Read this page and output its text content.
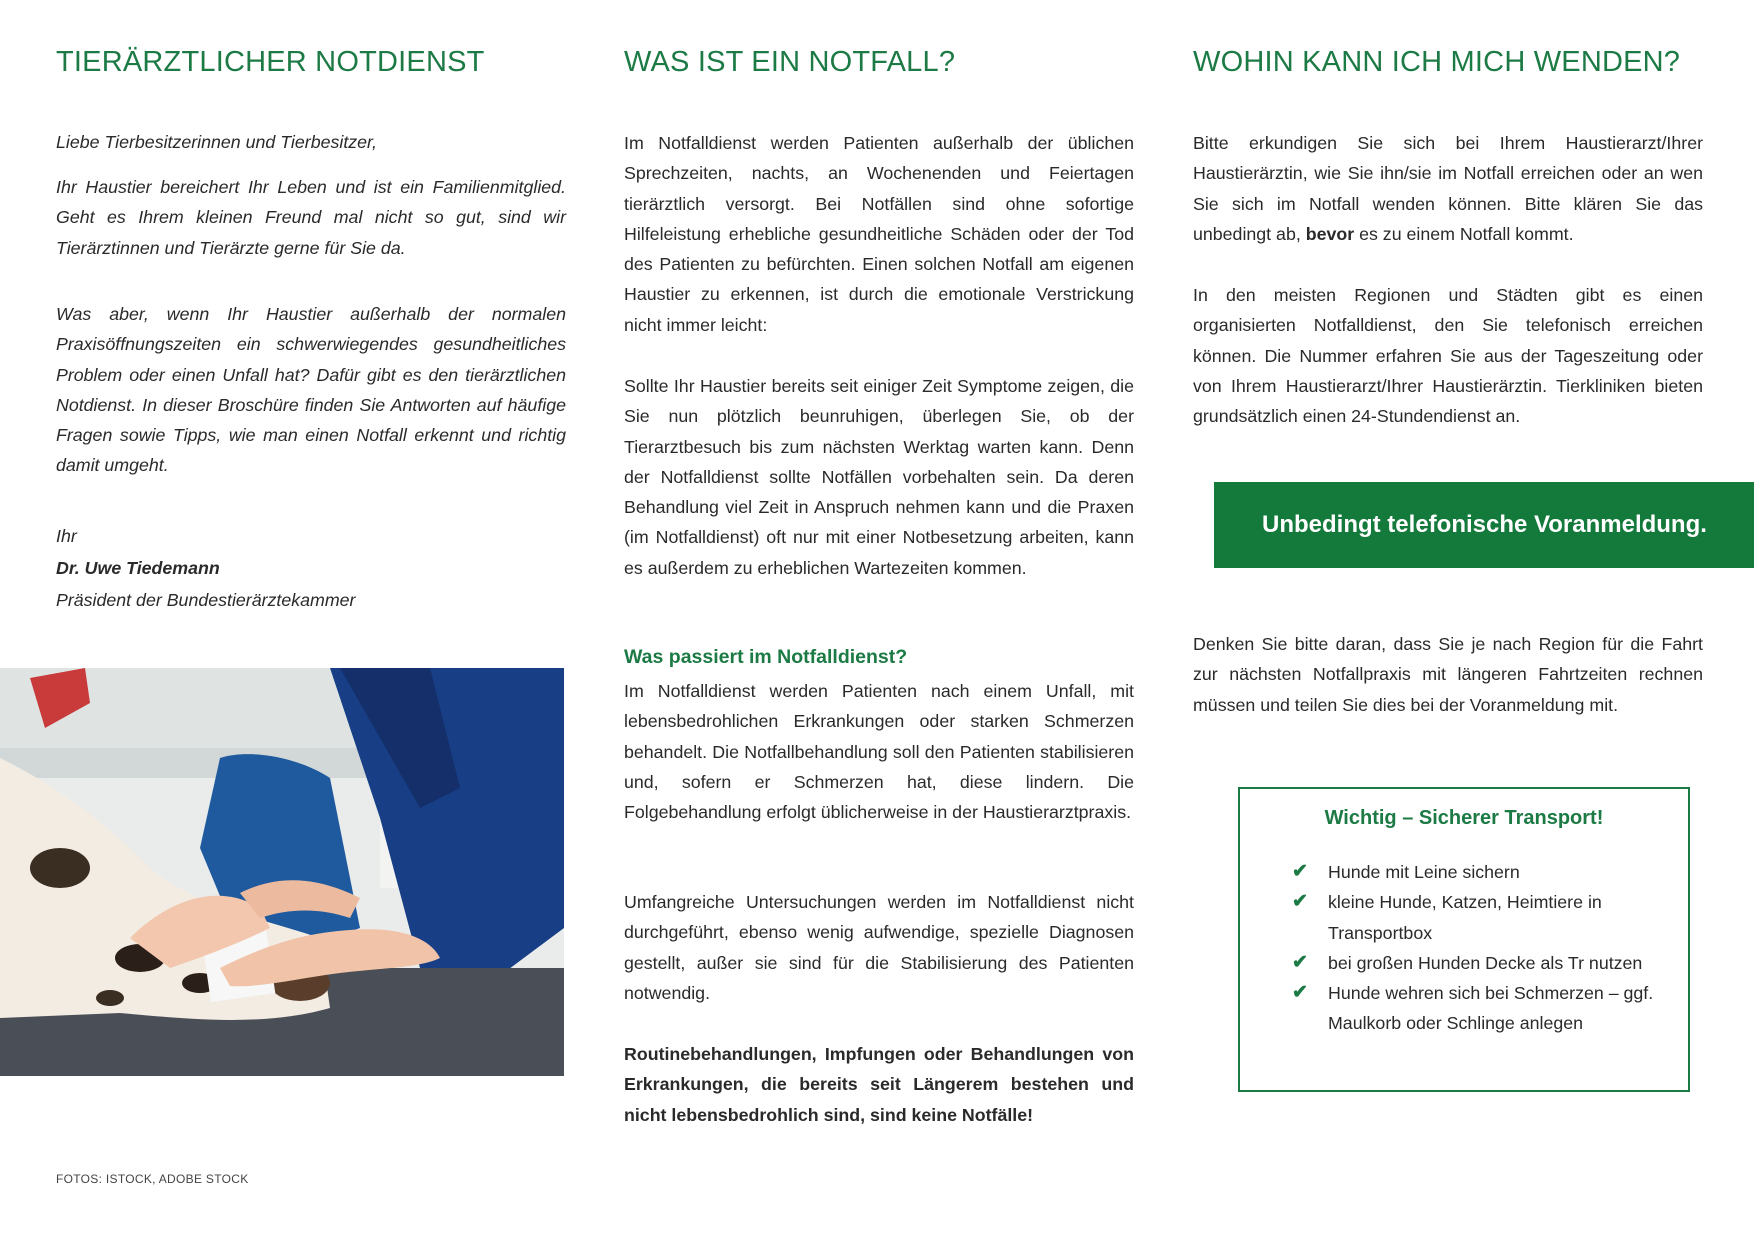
TIERÄRZTLICHER NOTDIENST

Liebe Tierbesitzerinnen und Tierbesitzer,

Ihr Haustier bereichert Ihr Leben und ist ein Familienmitglied. Geht es Ihrem kleinen Freund mal nicht so gut, sind wir Tierärztinnen und Tierärzte gerne für Sie da.

Was aber, wenn Ihr Haustier außerhalb der normalen Praxisöffnungszeiten ein schwerwiegendes gesundheitliches Problem oder einen Unfall hat? Dafür gibt es den tierärztlichen Notdienst. In dieser Broschüre finden Sie Antworten auf häufige Fragen sowie Tipps, wie man einen Notfall erkennt und richtig damit umgeht.

Ihr

Dr. Uwe Tiedemann

Präsident der Bundestierärztekammer

FOTOS: ISTOCK, ADOBE STOCK
WAS IST EIN NOTFALL?

Im Notfalldienst werden Patienten außerhalb der üblichen Sprechzeiten, nachts, an Wochenenden und Feiertagen tierärztlich versorgt. Bei Notfällen sind ohne sofortige Hilfeleistung erhebliche gesundheitliche Schäden oder der Tod des Patienten zu befürchten. Einen solchen Notfall am eigenen Haustier zu erkennen, ist durch die emotionale Verstrickung nicht immer leicht:

Sollte Ihr Haustier bereits seit einiger Zeit Symptome zeigen, die Sie nun plötzlich beunruhigen, überlegen Sie, ob der Tierarztbesuch bis zum nächsten Werktag warten kann. Denn der Notfalldienst sollte Notfällen vorbehalten sein. Da deren Behandlung viel Zeit in Anspruch nehmen kann und die Praxen (im Notfalldienst) oft nur mit einer Notbesetzung arbeiten, kann es außerdem zu erheblichen Wartezeiten kommen.

Was passiert im Notfalldienst?

Im Notfalldienst werden Patienten nach einem Unfall, mit lebensbedrohlichen Erkrankungen oder starken Schmerzen behandelt. Die Notfallbehandlung soll den Patienten stabilisieren und, sofern er Schmerzen hat, diese lindern. Die Folgebehandlung erfolgt üblicherweise in der Haustierarztpraxis.

Umfangreiche Untersuchungen werden im Notfalldienst nicht durchgeführt, ebenso wenig aufwendige, spezielle Diagnosen gestellt, außer sie sind für die Stabilisierung des Patienten notwendig.

Routinebehandlungen, Impfungen oder Behandlungen von Erkrankungen, die bereits seit Längerem bestehen und nicht lebensbedrohlich sind, sind keine Notfälle!

WOHIN KANN ICH MICH WENDEN?

Bitte erkundigen Sie sich bei Ihrem Haustierarzt/Ihrer Haustierärztin, wie Sie ihn/sie im Notfall erreichen oder an wen Sie sich im Notfall wenden können. Bitte klären Sie das unbedingt ab, bevor es zu einem Notfall kommt.

In den meisten Regionen und Städten gibt es einen organisierten Notfalldienst, den Sie telefonisch erreichen können. Die Nummer erfahren Sie aus der Tageszeitung oder von Ihrem Haustierarzt/Ihrer Haustierärztin. Tierkliniken bieten grundsätzlich einen 24-Stundendienst an.

Denken Sie bitte daran, dass Sie je nach Region für die Fahrt zur nächsten Notfallpraxis mit längeren Fahrtzeiten rechnen müssen und teilen Sie dies bei der Voranmeldung mit.

Unbedingt telefonische Voranmeldung.
Wichtig – Sicherer Transport!
✔ Hunde mit Leine sichern
✔ kleine Hunde, Katzen, Heimtiere in Transportbox
✔ bei großen Hunden Decke als Tr nutzen
✔ Hunde wehren sich bei Schmerzen – ggf. Maulkorb oder Schlinge anlegen
